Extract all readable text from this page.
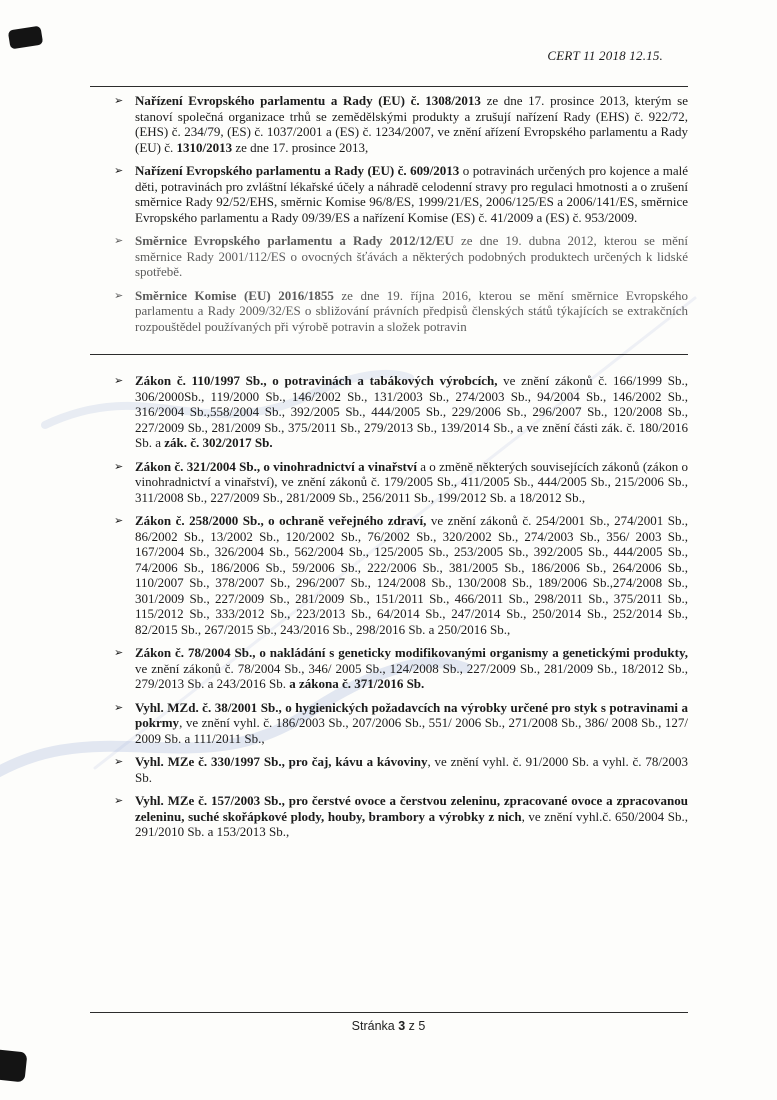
CERT 11 2018 12.15.
➢ Nařízení Evropského parlamentu a Rady (EU) č. 1308/2013 ze dne 17. prosince 2013, kterým se stanoví společná organizace trhů se zemědělskými produkty a zrušují nařízení Rady (EHS) č. 922/72, (EHS) č. 234/79, (ES) č. 1037/2001 a (ES) č. 1234/2007, ve znění ařízení Evropského parlamentu a Rady (EU) č. 1310/2013 ze dne 17. prosince 2013,
➢ Nařízení Evropského parlamentu a Rady (EU) č. 609/2013 o potravinách určených pro kojence a malé děti, potravinách pro zvláštní lékařské účely a náhradě celodenní stravy pro regulaci hmotnosti a o zrušení směrnice Rady 92/52/EHS, směrnic Komise 96/8/ES, 1999/21/ES, 2006/125/ES a 2006/141/ES, směrnice Evropského parlamentu a Rady 09/39/ES a nařízení Komise (ES) č. 41/2009 a (ES) č. 953/2009.
➢ Směrnice Evropského parlamentu a Rady 2012/12/EU ze dne 19. dubna 2012, kterou se mění směrnice Rady 2001/112/ES o ovocných šťávách a některých podobných produktech určených k lidské spotřebě.
➢ Směrnice Komise (EU) 2016/1855 ze dne 19. října 2016, kterou se mění směrnice Evropského parlamentu a Rady 2009/32/ES o sbližování právních předpisů členských států týkajících se extrakčních rozpouštědel používaných při výrobě potravin a složek potravin
➢ Zákon č. 110/1997 Sb., o potravinách a tabákových výrobcích, ve znění zákonů č. 166/1999 Sb., 306/2000Sb., 119/2000 Sb., 146/2002 Sb., 131/2003 Sb., 274/2003 Sb., 94/2004 Sb., 146/2002 Sb., 316/2004 Sb.,558/2004 Sb., 392/2005 Sb., 444/2005 Sb., 229/2006 Sb., 296/2007 Sb., 120/2008 Sb., 227/2009 Sb., 281/2009 Sb., 375/2011 Sb., 279/2013 Sb., 139/2014 Sb., a ve znění části zák. č. 180/2016 Sb. a zák. č. 302/2017 Sb.
➢ Zákon č. 321/2004 Sb., o vinohradnictví a vinařství a o změně některých souvisejících zákonů (zákon o vinohradnictví a vinařství), ve znění zákonů č. 179/2005 Sb., 411/2005 Sb., 444/2005 Sb., 215/2006 Sb., 311/2008 Sb., 227/2009 Sb., 281/2009 Sb., 256/2011 Sb., 199/2012 Sb. a 18/2012 Sb.,
➢ Zákon č. 258/2000 Sb., o ochraně veřejného zdraví, ve znění zákonů č. 254/2001 Sb., 274/2001 Sb., 86/2002 Sb., 13/2002 Sb., 120/2002 Sb., 76/2002 Sb., 320/2002 Sb., 274/2003 Sb., 356/ 2003 Sb., 167/2004 Sb., 326/2004 Sb., 562/2004 Sb., 125/2005 Sb., 253/2005 Sb., 392/2005 Sb., 444/2005 Sb., 74/2006 Sb., 186/2006 Sb., 59/2006 Sb., 222/2006 Sb., 381/2005 Sb., 186/2006 Sb., 264/2006 Sb., 110/2007 Sb., 378/2007 Sb., 296/2007 Sb., 124/2008 Sb., 130/2008 Sb., 189/2006 Sb.,274/2008 Sb., 301/2009 Sb., 227/2009 Sb., 281/2009 Sb., 151/2011 Sb., 466/2011 Sb., 298/2011 Sb., 375/2011 Sb., 115/2012 Sb., 333/2012 Sb., 223/2013 Sb., 64/2014 Sb., 247/2014 Sb., 250/2014 Sb., 252/2014 Sb., 82/2015 Sb., 267/2015 Sb., 243/2016 Sb., 298/2016 Sb. a 250/2016 Sb.,
➢ Zákon č. 78/2004 Sb., o nakládání s geneticky modifikovanými organismy a genetickými produkty, ve znění zákonů č. 78/2004 Sb., 346/ 2005 Sb., 124/2008 Sb., 227/2009 Sb., 281/2009 Sb., 18/2012 Sb., 279/2013 Sb. a 243/2016 Sb. a zákona č. 371/2016 Sb.
➢ Vyhl. MZd. č. 38/2001 Sb., o hygienických požadavcích na výrobky určené pro styk s potravinami a pokrmy, ve znění vyhl. č. 186/2003 Sb., 207/2006 Sb., 551/ 2006 Sb., 271/2008 Sb., 386/ 2008 Sb., 127/ 2009 Sb. a 111/2011 Sb.,
➢ Vyhl. MZe č. 330/1997 Sb., pro čaj, kávu a kávoviny, ve znění vyhl. č. 91/2000 Sb. a vyhl. č. 78/2003 Sb.
➢ Vyhl. MZe č. 157/2003 Sb., pro čerstvé ovoce a čerstvou zeleninu, zpracované ovoce a zpracovanou zeleninu, suché skořápkové plody, houby, brambory a výrobky z nich, ve znění vyhl.č. 650/2004 Sb., 291/2010 Sb. a 153/2013 Sb.,
Stránka 3 z 5
